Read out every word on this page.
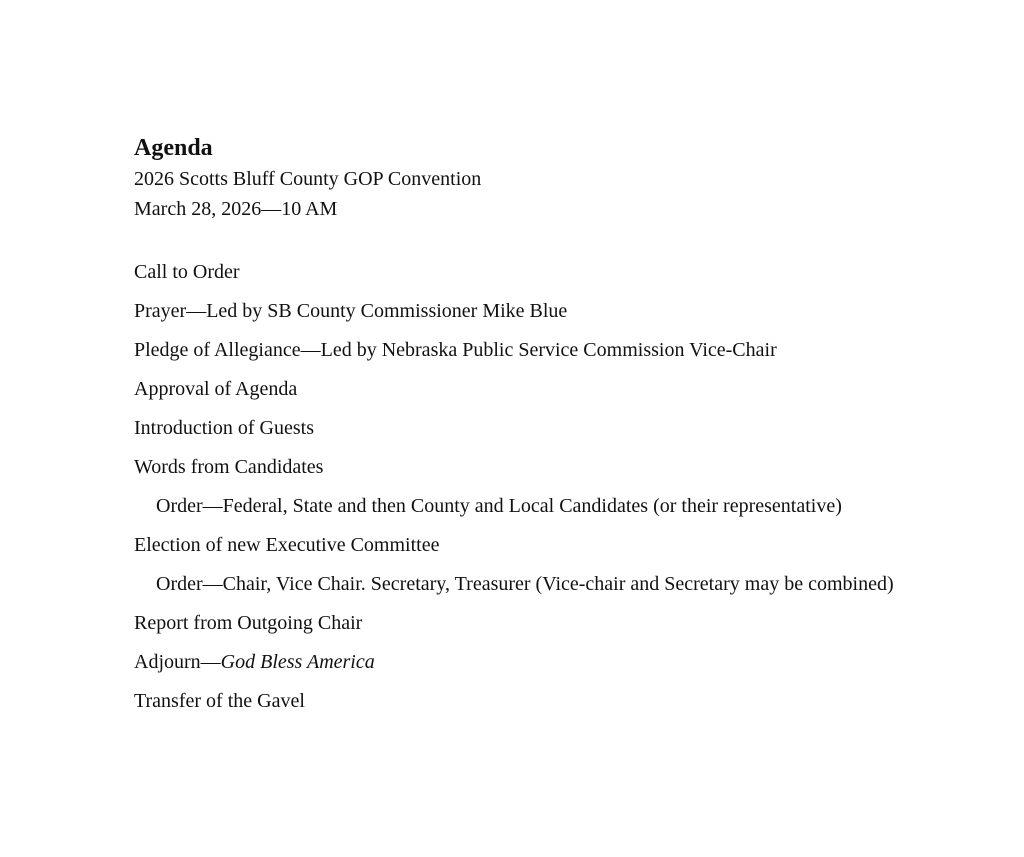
Agenda
2026 Scotts Bluff County GOP Convention
March 28, 2026—10 AM
Call to Order
Prayer—Led by SB County Commissioner Mike Blue
Pledge of Allegiance—Led by Nebraska Public Service Commission Vice-Chair
Approval of Agenda
Introduction of Guests
Words from Candidates
Order—Federal, State and then County and Local Candidates (or their representative)
Election of new Executive Committee
Order—Chair, Vice Chair. Secretary, Treasurer (Vice-chair and Secretary may be combined)
Report from Outgoing Chair
Adjourn—God Bless America
Transfer of the Gavel
